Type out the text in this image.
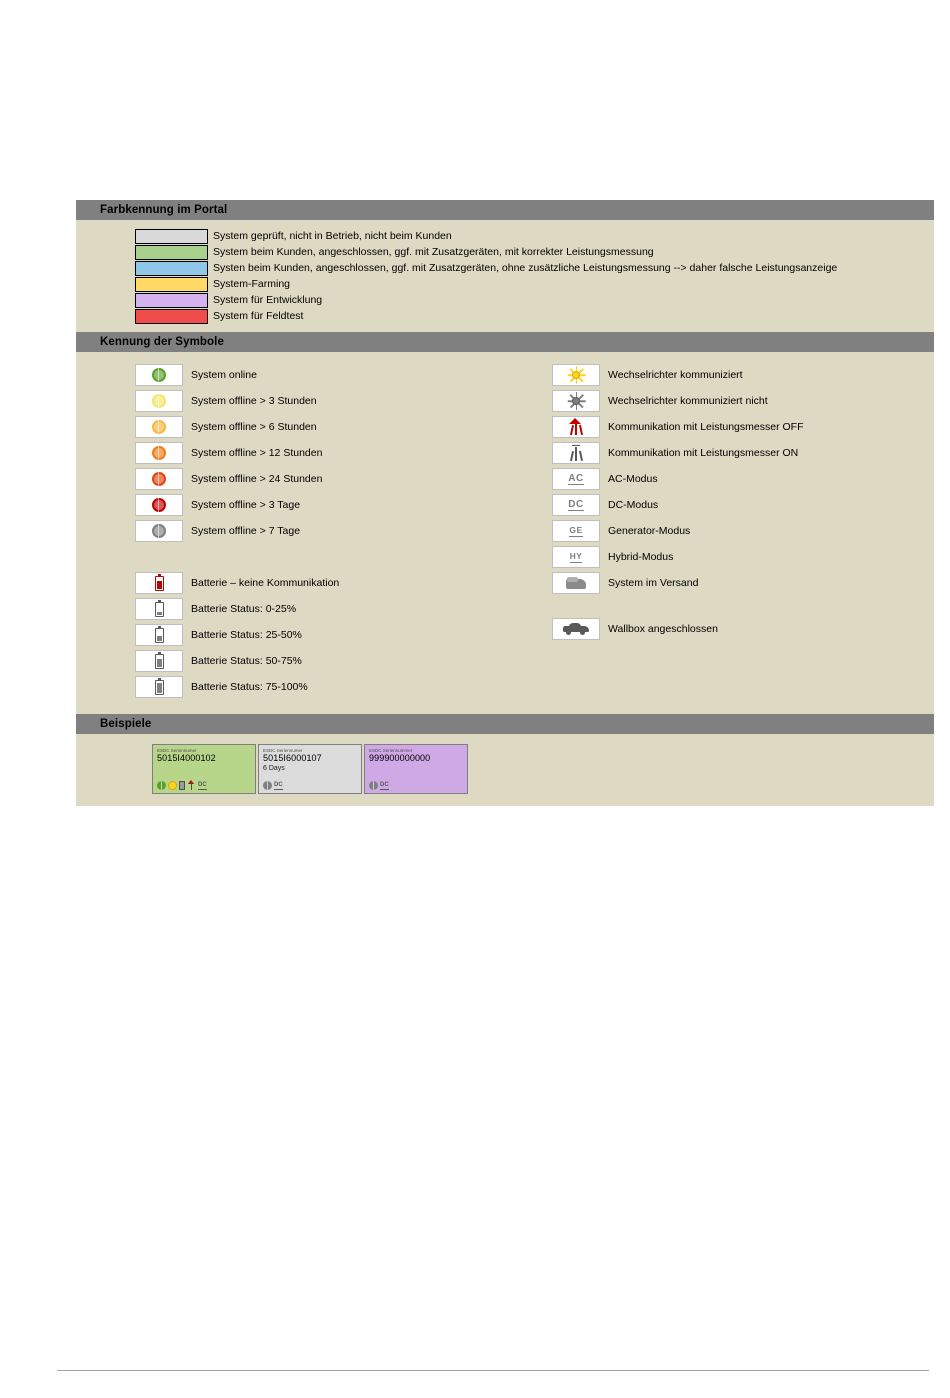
Farbkennung im Portal
System geprüft, nicht in Betrieb, nicht beim Kunden
System beim Kunden, angeschlossen, ggf. mit Zusatzgeräten, mit korrekter Leistungsmessung
Systen beim Kunden, angeschlossen, ggf. mit Zusatzgeräten, ohne zusätzliche Leistungsmessung --> daher falsche Leistungsanzeige
System-Farming
System für Entwicklung
System für Feldtest
Kennung der Symbole
System online
System offline > 3 Stunden
System offline > 6 Stunden
System offline > 12 Stunden
System offline > 24 Stunden
System offline > 3 Tage
System offline > 7 Tage
Batterie – keine Kommunikation
Batterie Status: 0-25%
Batterie Status: 25-50%
Batterie Status: 50-75%
Batterie Status: 75-100%
Wechselrichter kommuniziert
Wechselrichter kommuniziert nicht
Kommunikation mit Leistungsmesser OFF
Kommunikation mit Leistungsmesser ON
AC AC-Modus
DC DC-Modus
GE Generator-Modus
HY Hybrid-Modus
System im Versand
Wallbox angeschlossen
Beispiele
ESDC Seriennumer
5015I4000102
DC
ESDC Seriennumer
5015I6000107
6 Days
DC
ESDC Seriennummer
999900000000
DC
